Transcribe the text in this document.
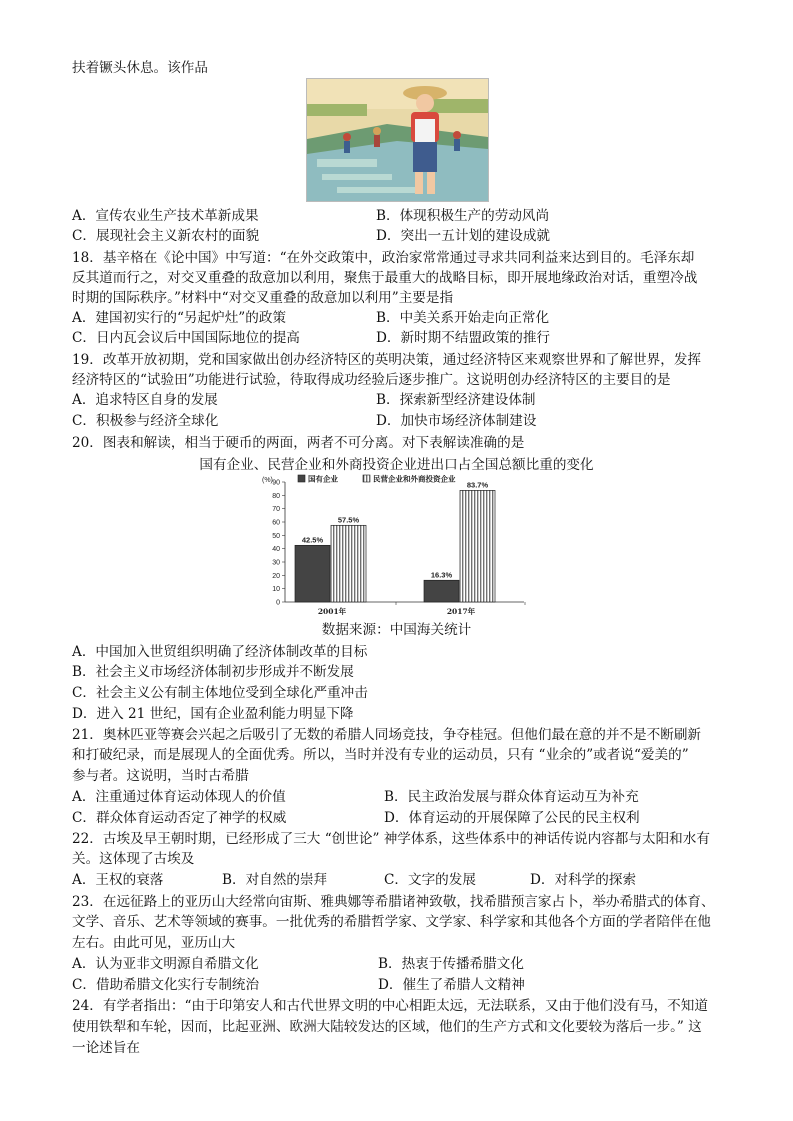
扶着镢头休息。该作品
A．宣传农业生产技术革新成果	B．体现积极生产的劳动风尚
C．展现社会主义新农村的面貌	D．突出一五计划的建设成就
18．基辛格在《论中国》中写道：“在外交政策中，政治家常常通过寻求共同利益来达到目的。毛泽东却
反其道而行之，对交叉重叠的敌意加以利用，聚焦于最重大的战略目标，即开展地缘政治对话，重塑冷战
时期的国际秩序。”材料中“对交叉重叠的敌意加以利用”主要是指
A．建国初实行的“另起炉灶”的政策	B．中美关系开始走向正常化
C．日内瓦会议后中国国际地位的提高	D．新时期不结盟政策的推行
19．改革开放初期，党和国家做出创办经济特区的英明决策，通过经济特区来观察世界和了解世界，发挥
经济特区的“试验田”功能进行试验，待取得成功经验后逐步推广。这说明创办经济特区的主要目的是
A．追求特区自身的发展	B．探索新型经济建设体制
C．积极参与经济全球化	D．加快市场经济体制建设
20．图表和解读，相当于硬币的两面，两者不可分离。对下表解读准确的是
国有企业、民营企业和外商投资企业进出口占全国总额比重的变化
(%)
0
10
20
30
40
50
60
70
80
90	国有企业	民营企业和外商投资企业
2001年
42.5%
57.5%
2017年
16.3%
83.7%
数据来源：中国海关统计
A．中国加入世贸组织明确了经济体制改革的目标
B．社会主义市场经济体制初步形成并不断发展
C．社会主义公有制主体地位受到全球化严重冲击
D．进入 21 世纪，国有企业盈利能力明显下降
21．奥林匹亚等赛会兴起之后吸引了无数的希腊人同场竞技，争夺桂冠。但他们最在意的并不是不断刷新
和打破纪录，而是展现人的全面优秀。所以，当时并没有专业的运动员，只有 “业余的”或者说“爱美的”
参与者。这说明，当时古希腊
A．注重通过体育运动体现人的价值	B．民主政治发展与群众体育运动互为补充
C．群众体育运动否定了神学的权威	D．体育运动的开展保障了公民的民主权利
22．古埃及早王朝时期，已经形成了三大 “创世论” 神学体系，这些体系中的神话传说内容都与太阳和水有
关。这体现了古埃及
A．王权的衰落	B．对自然的崇拜	C．文字的发展	D．对科学的探索
23．在远征路上的亚历山大经常向宙斯、雅典娜等希腊诸神致敬，找希腊预言家占卜，举办希腊式的体育、
文学、音乐、艺术等领域的赛事。一批优秀的希腊哲学家、文学家、科学家和其他各个方面的学者陪伴在他
左右。由此可见，亚历山大
A．认为亚非文明源自希腊文化	B．热衷于传播希腊文化
C．借助希腊文化实行专制统治	D．催生了希腊人文精神
24．有学者指出：“由于印第安人和古代世界文明的中心相距太远，无法联系，又由于他们没有马，不知道
使用铁犁和车轮，因而，比起亚洲、欧洲大陆较发达的区域，他们的生产方式和文化要较为落后一步。” 这
一论述旨在
